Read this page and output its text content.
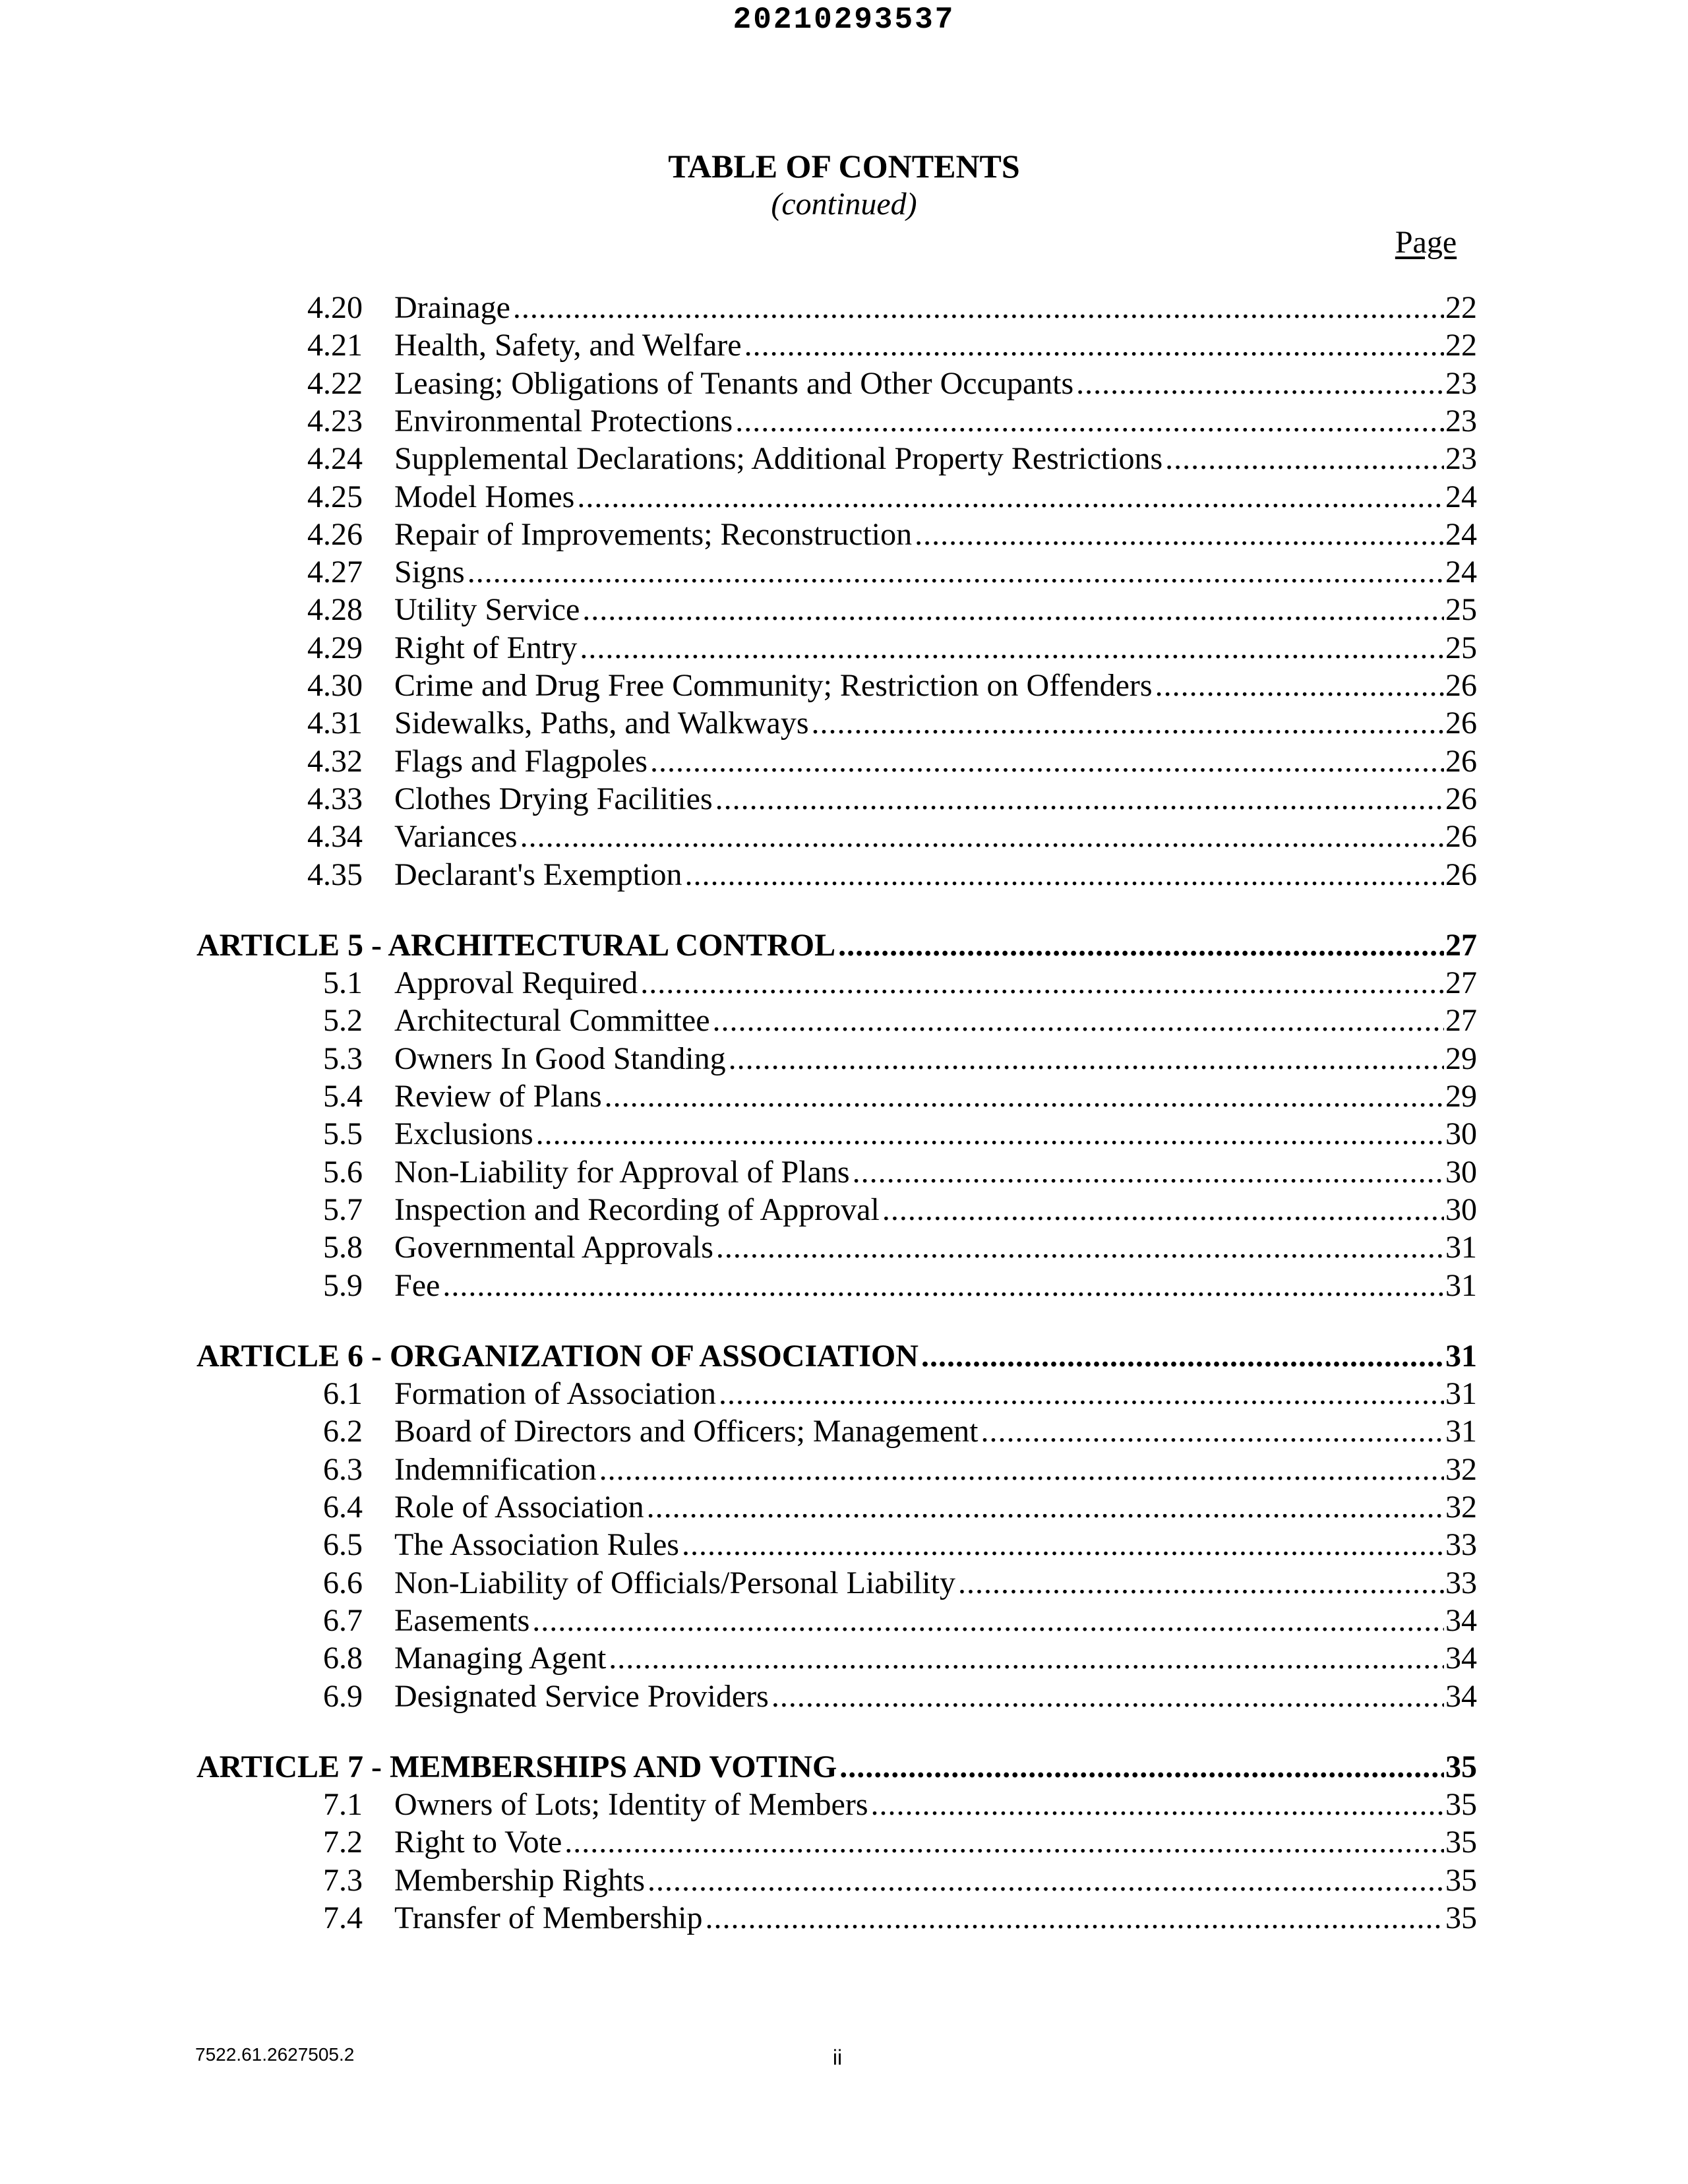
20210293537
TABLE OF CONTENTS
(continued)
Page
4.20 Drainage .....	22
4.21 Health, Safety, and Welfare .....	22
4.22 Leasing; Obligations of Tenants and Other Occupants .....	23
4.23 Environmental Protections .....	23
4.24 Supplemental Declarations; Additional Property Restrictions .....	23
4.25 Model Homes .....	24
4.26 Repair of Improvements; Reconstruction .....	24
4.27 Signs .....	24
4.28 Utility Service .....	25
4.29 Right of Entry .....	25
4.30 Crime and Drug Free Community; Restriction on Offenders .....	26
4.31 Sidewalks, Paths, and Walkways .....	26
4.32 Flags and Flagpoles .....	26
4.33 Clothes Drying Facilities .....	26
4.34 Variances .....	26
4.35 Declarant's Exemption .....	26
ARTICLE 5 - ARCHITECTURAL CONTROL .....	27
5.1 Approval Required .....	27
5.2 Architectural Committee .....	27
5.3 Owners In Good Standing .....	29
5.4 Review of Plans .....	29
5.5 Exclusions .....	30
5.6 Non-Liability for Approval of Plans .....	30
5.7 Inspection and Recording of Approval .....	30
5.8 Governmental Approvals .....	31
5.9 Fee .....	31
ARTICLE 6 - ORGANIZATION OF ASSOCIATION .....	31
6.1 Formation of Association .....	31
6.2 Board of Directors and Officers; Management .....	31
6.3 Indemnification .....	32
6.4 Role of Association .....	32
6.5 The Association Rules .....	33
6.6 Non-Liability of Officials/Personal Liability .....	33
6.7 Easements .....	34
6.8 Managing Agent .....	34
6.9 Designated Service Providers .....	34
ARTICLE 7 - MEMBERSHIPS AND VOTING .....	35
7.1 Owners of Lots; Identity of Members .....	35
7.2 Right to Vote .....	35
7.3 Membership Rights .....	35
7.4 Transfer of Membership .....	35
7522.61.2627505.2	ii
